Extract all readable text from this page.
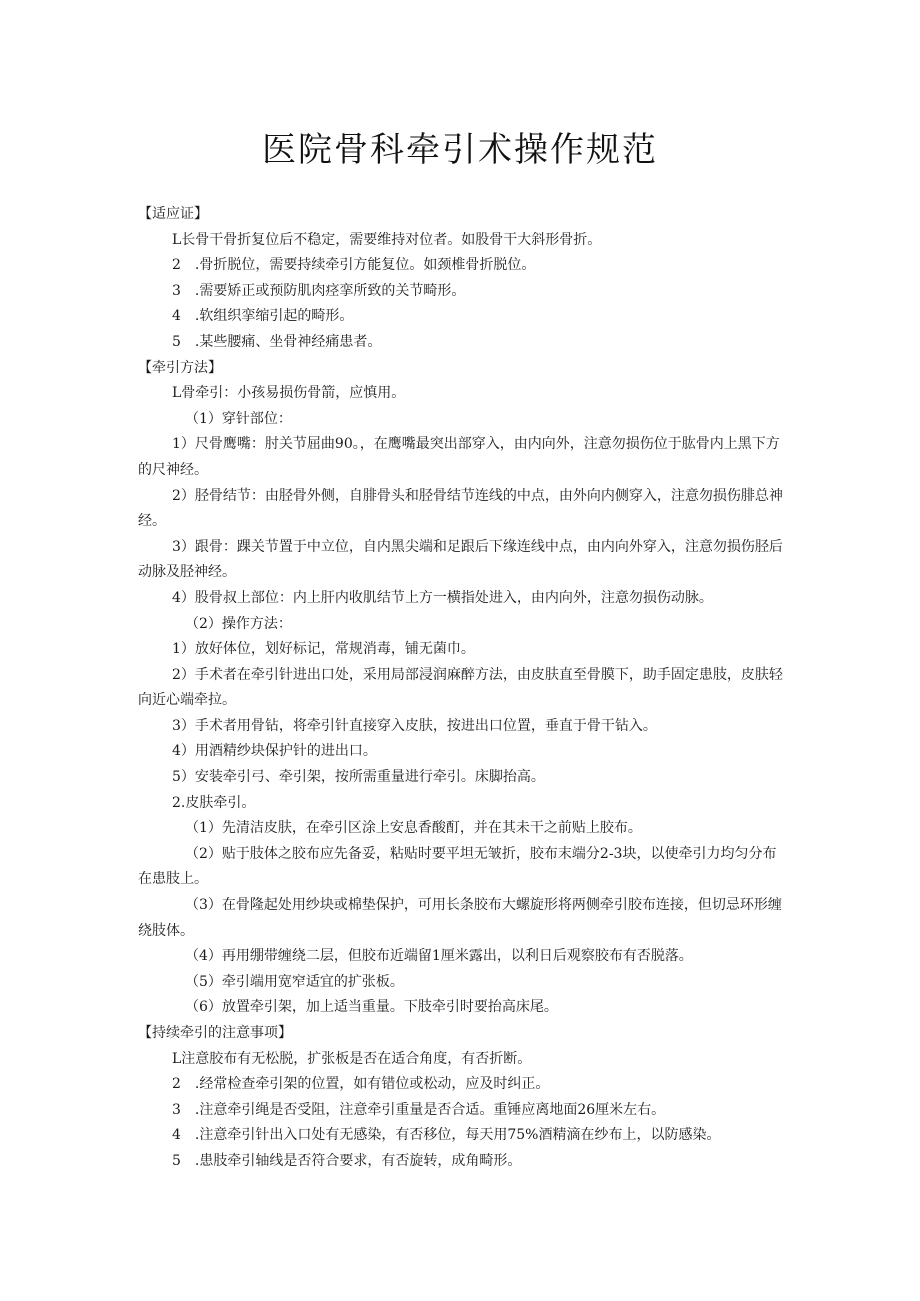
医院骨科牵引术操作规范

【适应证】

L长骨干骨折复位后不稳定，需要维持对位者。如股骨干大斜形骨折。

2　.骨折脱位，需要持续牵引方能复位。如颈椎骨折脱位。

3　.需要矫正或预防肌肉痉挛所致的关节畸形。

4　.软组织挛缩引起的畸形。

5　.某些腰痛、坐骨神经痛患者。

【牵引方法】

L骨牵引：小孩易损伤骨箭，应慎用。

（1）穿针部位：

1）尺骨鹰嘴：肘关节屈曲90。，在鹰嘴最突出部穿入，由内向外，注意勿损伤位于肱骨内上黑下方的尺神经。

2）胫骨结节：由胫骨外侧，自腓骨头和胫骨结节连线的中点，由外向内侧穿入，注意勿损伤腓总神经。

3）跟骨：踝关节置于中立位，自内黑尖端和足跟后下缘连线中点，由内向外穿入，注意勿损伤胫后动脉及胫神经。

4）股骨叔上部位：内上肝内收肌结节上方一横指处进入，由内向外，注意勿损伤动脉。

（2）操作方法：

1）放好体位，划好标记，常规消毒，铺无菌巾。

2）手术者在牵引针进出口处，采用局部浸润麻醉方法，由皮肤直至骨膜下，助手固定患肢，皮肤轻向近心端牵拉。

3）手术者用骨钻，将牵引针直接穿入皮肤，按进出口位置，垂直于骨干钻入。

4）用酒精纱块保护针的进出口。

5）安装牵引弓、牵引架，按所需重量进行牵引。床脚抬高。

2.皮肤牵引。

（1）先清洁皮肤，在牵引区涂上安息香酸酊，并在其未干之前贴上胶布。

（2）贴于肢体之胶布应先备妥，粘贴时要平坦无皱折，胶布末端分2-3块，以使牵引力均匀分布在患肢上。

（3）在骨隆起处用纱块或棉垫保护，可用长条胶布大螺旋形将两侧牵引胶布连接，但切忌环形缠绕肢体。

（4）再用绷带缠绕二层，但胶布近端留1厘米露出，以利日后观察胶布有否脱落。

（5）牵引端用宽窄适宜的扩张板。

（6）放置牵引架，加上适当重量。下肢牵引时要抬高床尾。

【持续牵引的注意事项】

L注意胶布有无松脱，扩张板是否在适合角度，有否折断。

2　.经常检查牵引架的位置，如有错位或松动，应及时纠正。

3　.注意牵引绳是否受阻，注意牵引重量是否合适。重锤应离地面26厘米左右。

4　.注意牵引针出入口处有无感染，有否移位，每天用75%酒精滴在纱布上，以防感染。

5　.患肢牵引轴线是否符合要求，有否旋转，成角畸形。
